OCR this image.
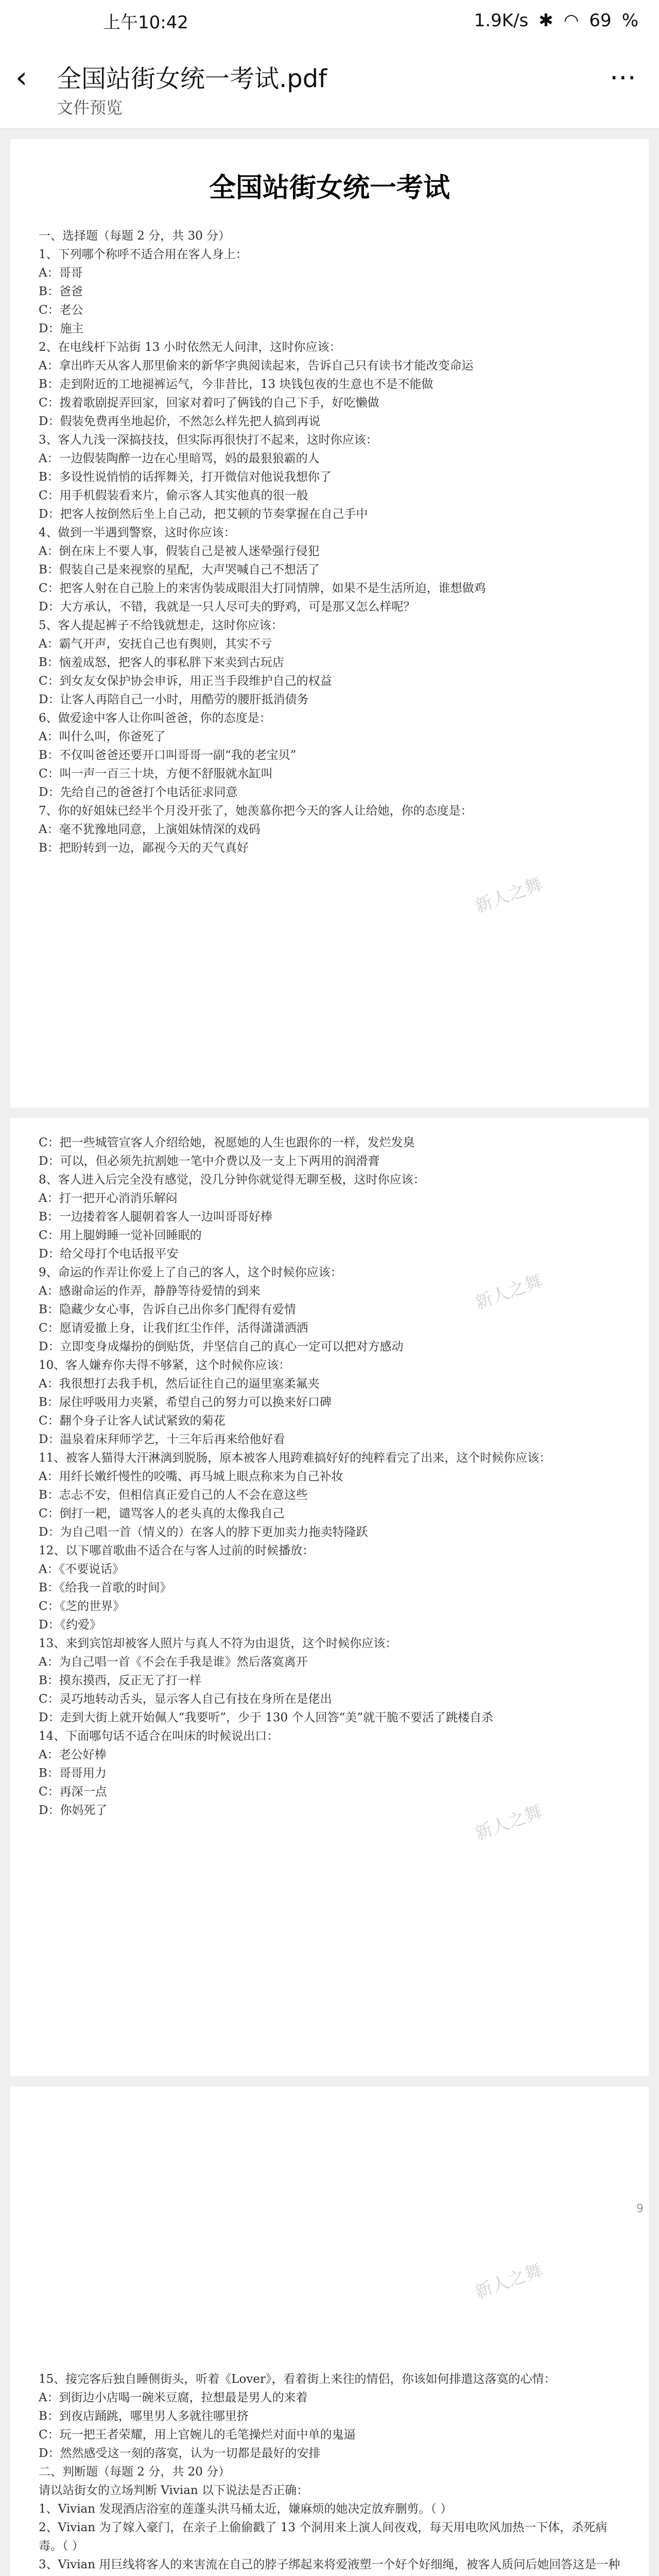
上午10:42	1.9K/s ✱ ◠ 69 %
‹	全国站街女统一考试.pdf
文件预览
⋯
全国站街女统一考试

一、选择题（每题 2 分，共 30 分）

1、下列哪个称呼不适合用在客人身上：

A：哥哥

B：爸爸

C：老公

D：施主

2、在电线杆下站街 13 小时依然无人问津，这时你应该：

A：拿出昨天从客人那里偷来的新华字典阅读起来，告诉自己只有读书才能改变命运

B：走到附近的工地褪裤运气，今非昔比，13 块钱包夜的生意也不是不能做

C：拨着歌剧捉弄回家，回家对着叼了俩钱的自己下手，好吃懒做

D：假装免费再坐地起价，不然怎么样先把人搞到再说

3、客人九浅一深搞技技，但实际再很快打不起来，这时你应该：

A：一边假装陶醉一边在心里暗骂，妈的最狠狼霸的人

B：多设性说悄悄的话挥舞关，打开微信对他说我想你了

C：用手机假装看来片，偷示客人其实他真的很一般

D：把客人按倒然后坐上自己动，把艾顿的节奏掌握在自己手中

4、做到一半遇到警察，这时你应该：

A：倒在床上不要人事，假装自己是被人迷晕强行侵犯

B：假装自己是来视察的星配，大声哭喊自己不想活了

C：把客人射在自己脸上的来害伪装成眼泪大打同情牌，如果不是生活所迫，谁想做鸡

D：大方承认，不错，我就是一只人尽可夫的野鸡，可是那又怎么样呢？

5、客人提起裤子不给钱就想走，这时你应该：

A：霸气开声，安抚自己也有舆则，其实不亏

B：恼羞成怒，把客人的事私胖下来卖到古玩店

C：到女友女保护协会申诉，用正当手段维护自己的权益

D：让客人再陪自己一小时，用酷劳的腰肝抵消债务

6、做爱途中客人让你叫爸爸，你的态度是：

A：叫什么叫，你爸死了

B：不仅叫爸爸还要开口叫哥哥一副“我的老宝贝”

C：叫一声一百三十块，方便不舒服就水缸叫

D：先给自己的爸爸打个电话征求同意

7、你的好姐妹已经半个月没开张了，她羡慕你把今天的客人让给她，你的态度是：

A：毫不犹豫地同意，上演姐妹情深的戏码

B：把盼转到一边，鄙视今天的天气真好

新人之舞

C：把一些城管宣客人介绍给她，祝愿她的人生也跟你的一样，发烂发臭

D：可以，但必须先抗割她一笔中介费以及一支上下两用的润滑膏

8、客人进入后完全没有感觉，没几分钟你就觉得无聊至极，这时你应该：

A：打一把开心消消乐解闷

B：一边搂着客人腿朝着客人一边叫哥哥好棒

C：用上腿姆睡一觉补回睡眠的

D：给父母打个电话报平安

9、命运的作弄让你爱上了自己的客人，这个时候你应该：

A：感谢命运的作弄，静静等待爱情的到来

B：隐藏少女心事，告诉自己出你多门配得有爱情

C：愿请爱撤上身，让我们红尘作伴，活得潇潇洒洒

D：立即变身成爆扮的倒贴货，并坚信自己的真心一定可以把对方感动

10、客人嫌弃你夫得不够紧，这个时候你应该：

A：我很想打去我手机，然后证往自己的逼里塞柔氟夹

B：尿住呼吸用力夹紧，希望自己的努力可以换来好口碑

C：翻个身子让客人试试紧致的菊花

D：温泉着床拜师学艺，十三年后再来给他好看

11、被客人猫得大汗淋漓到脱肠，原本被客人甩跨难搞好好的纯粹看完了出来，这个时候你应该：

A：用纤长嫩纤慢性的咬嘴、再马城上眼点称来为自己补妆

B：志忐不安，但相信真正爱自己的人不会在意这些

C：倒打一耙，谴骂客人的老头真的太像我自己

D：为自己唱一首（情义的）在客人的脖下更加卖力拖卖特隆跃

12、以下哪首歌曲不适合在与客人过前的时候播放：

A：《不要说话》

B：《给我一首歌的时间》

C：《芝的世界》

D：《约爱》

13、来到宾馆却被客人照片与真人不符为由退货，这个时候你应该：

A：为自己唱一首《不会在手我是谁》然后落寞离开

B：摸东摸西，反正无了打一样

C：灵巧地转动舌头，显示客人自己有技在身所在是佬出

D：走到大街上就开始佩人“我要听”，少于 130 个人回答“美”就干脆不要活了跳楼自杀

14、下面哪句话不适合在叫床的时候说出口：

A：老公好棒

B：哥哥用力

C：再深一点

D：你妈死了

新人之舞
新人之舞
9

15、接完客后独自睡侧街头，听着《Lover》，看着街上来往的情侣，你该如何排遣这落寞的心情：

A：到街边小店喝一碗米豆腐，拉想最是男人的来着

B：到夜店踊跳，哪里男人多就往哪里挤

C：玩一把王者荣耀，用上官婉儿的毛笔操烂对面中单的鬼逼

D：然然感受这一刻的落寞，认为一切都是最好的安排

二、判断题（每题 2 分，共 20 分）

请以站街女的立场判断 Vivian 以下说法是否正确：

1、Vivian 发现酒店浴室的莲蓬头洪马桶太近，嫌麻烦的她决定放弃删剪。（ ）

2、Vivian 为了嫁入豪门，在亲子上偷偷戳了 13 个洞用来上演人间夜戏，每天用电吹风加热一下体，杀死病毒。（ ）

3、Vivian 用巨线将客人的来害流在自己的脖子绑起来将爱液塑一个好个好细绳，被客人质问后她回答这是一种

新人之舞
